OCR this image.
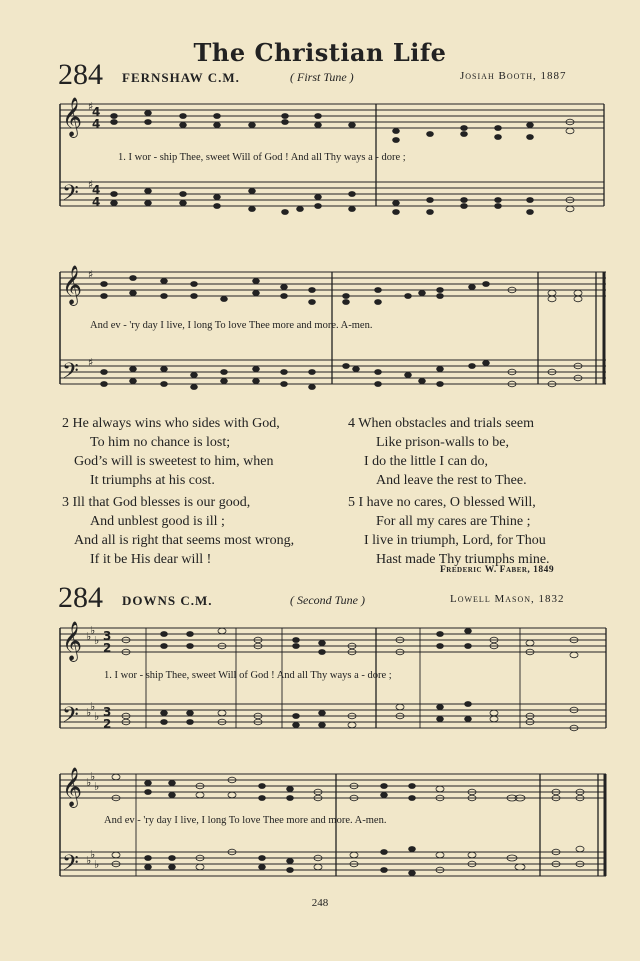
The Christian Life
284 FERNSHAW C.M.	( First Tune )	Josiah Booth, 1887
𝄞
𝄢
𝄞
𝄢
𝄞
𝄢
𝄞
𝄢
♯
♯
♯
♯
♭
♭
♭
♭
♭
♭
♭
♭
♭
♭
♭
♭
4
4
4
4
3
2
3
2
1. I wor - ship Thee, sweet Will of God ! And all Thy ways a - dore ;
And ev - 'ry day I live, I long To love Thee more and more. A-men.
2 He always wins who sides with God,
To him no chance is lost;
God’s will is sweetest to him, when
It triumphs at his cost.
3 Ill that God blesses is our good,
And unblest good is ill ;
And all is right that seems most wrong,
If it be His dear will !
4 When obstacles and trials seem
Like prison-walls to be,
I do the little I can do,
And leave the rest to Thee.
5 I have no cares, O blessed Will,
For all my cares are Thine ;
I live in triumph, Lord, for Thou
Hast made Thy triumphs mine.
Frederic W. Faber, 1849
284 DOWNS C.M.	( Second Tune )	Lowell Mason, 1832
1. I wor - ship Thee, sweet Will of God ! And all Thy ways a - dore ;
And ev - 'ry day I live, I long To love Thee more and more. A-men.
248
